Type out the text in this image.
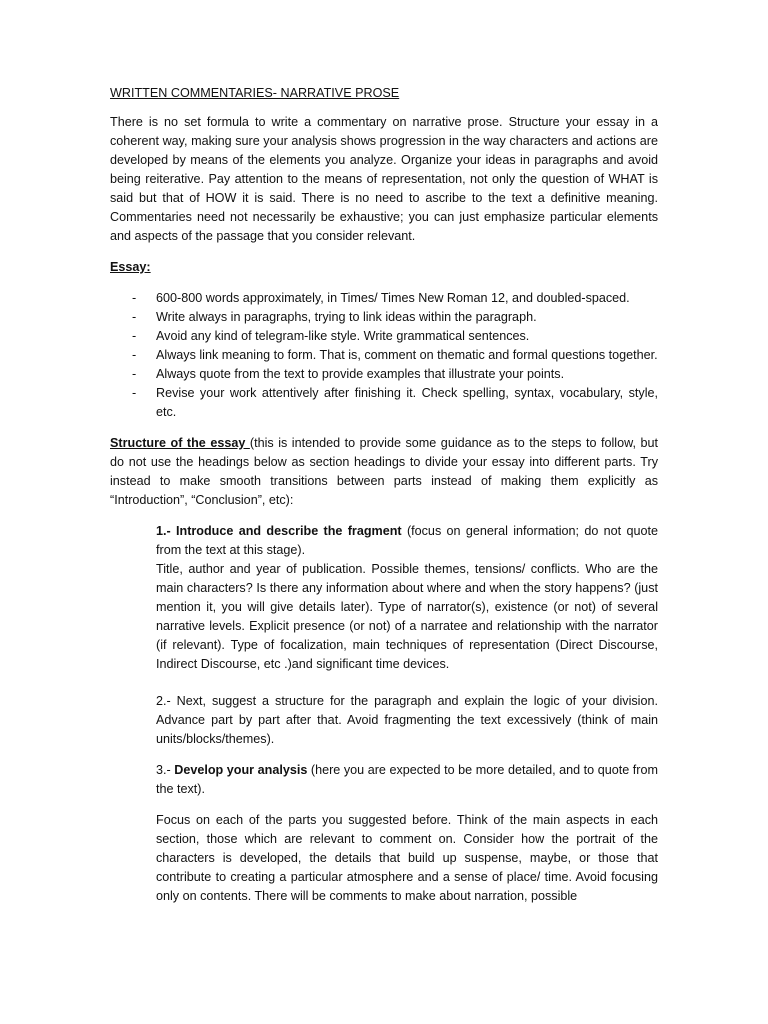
WRITTEN COMMENTARIES- NARRATIVE PROSE

There is no set formula to write a commentary on narrative prose. Structure your essay in a coherent way, making sure your analysis shows progression in the way characters and actions are developed by means of the elements you analyze. Organize your ideas in paragraphs and avoid being reiterative. Pay attention to the means of representation, not only the question of WHAT is said but that of HOW it is said. There is no need to ascribe to the text a definitive meaning. Commentaries need not necessarily be exhaustive; you can just emphasize particular elements and aspects of the passage that you consider relevant.

Essay:
- 600-800 words approximately, in Times/ Times New Roman 12, and doubled-spaced.
- Write always in paragraphs, trying to link ideas within the paragraph.
- Avoid any kind of telegram-like style. Write grammatical sentences.
- Always link meaning to form. That is, comment on thematic and formal questions together.
- Always quote from the text to provide examples that illustrate your points.
- Revise your work attentively after finishing it. Check spelling, syntax, vocabulary, style, etc.

Structure of the essay (this is intended to provide some guidance as to the steps to follow, but do not use the headings below as section headings to divide your essay into different parts. Try instead to make smooth transitions between parts instead of making them explicitly as “Introduction”, “Conclusion”, etc):

1.- Introduce and describe the fragment (focus on general information; do not quote from the text at this stage).

Title, author and year of publication. Possible themes, tensions/ conflicts. Who are the main characters? Is there any information about where and when the story happens? (just mention it, you will give details later). Type of narrator(s), existence (or not) of several narrative levels. Explicit presence (or not) of a narratee and relationship with the narrator (if relevant). Type of focalization, main techniques of representation (Direct Discourse, Indirect Discourse, etc .)and significant time devices.

2.- Next, suggest a structure for the paragraph and explain the logic of your division. Advance part by part after that. Avoid fragmenting the text excessively (think of main units/blocks/themes).

3.- Develop your analysis (here you are expected to be more detailed, and to quote from the text).

Focus on each of the parts you suggested before. Think of the main aspects in each section, those which are relevant to comment on. Consider how the portrait of the characters is developed, the details that build up suspense, maybe, or those that contribute to creating a particular atmosphere and a sense of place/ time. Avoid focusing only on contents. There will be comments to make about narration, possible
